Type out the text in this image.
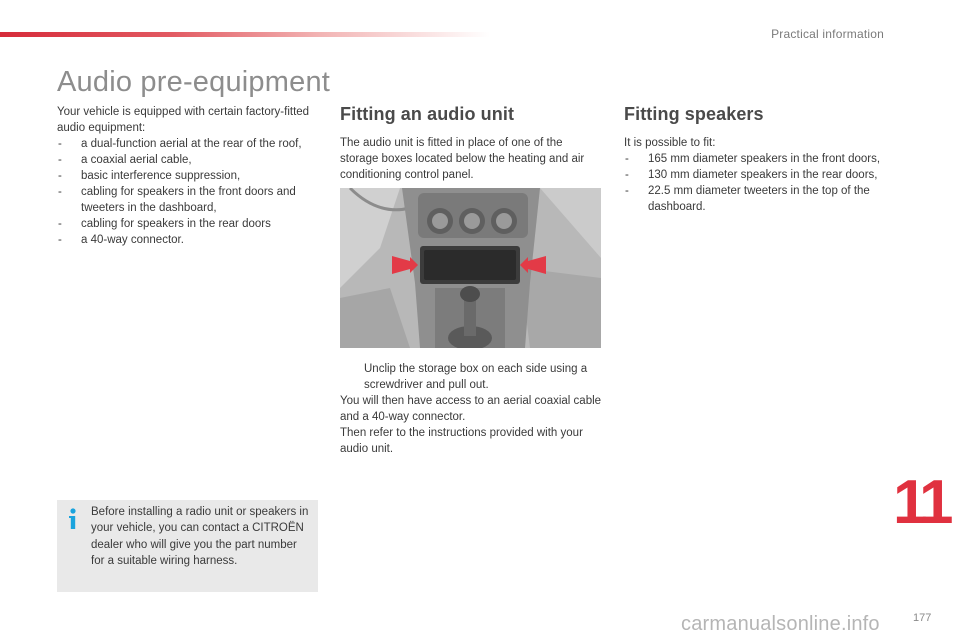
Practical information
Audio pre-equipment

Your vehicle is equipped with certain factory-fitted audio equipment:

- a dual-function aerial at the rear of the roof,
- a coaxial aerial cable,
- basic interference suppression,
- cabling for speakers in the front doors and tweeters in the dashboard,
- cabling for speakers in the rear doors
- a 40-way connector.
Before installing a radio unit or speakers in your vehicle, you can contact a CITROËN dealer who will give you the part number for a suitable wiring harness.
Fitting an audio unit

The audio unit is fitted in place of one of the storage boxes located below the heating and air conditioning control panel.

Unclip the storage box on each side using a screwdriver and pull out.

You will then have access to an aerial coaxial cable and a 40-way connector.

Then refer to the instructions provided with your audio unit.

Fitting speakers

It is possible to fit:

- 165 mm diameter speakers in the front doors,
- 130 mm diameter speakers in the rear doors,
- 22.5 mm diameter tweeters in the top of the dashboard.
11
carmanualsonline.info	177
